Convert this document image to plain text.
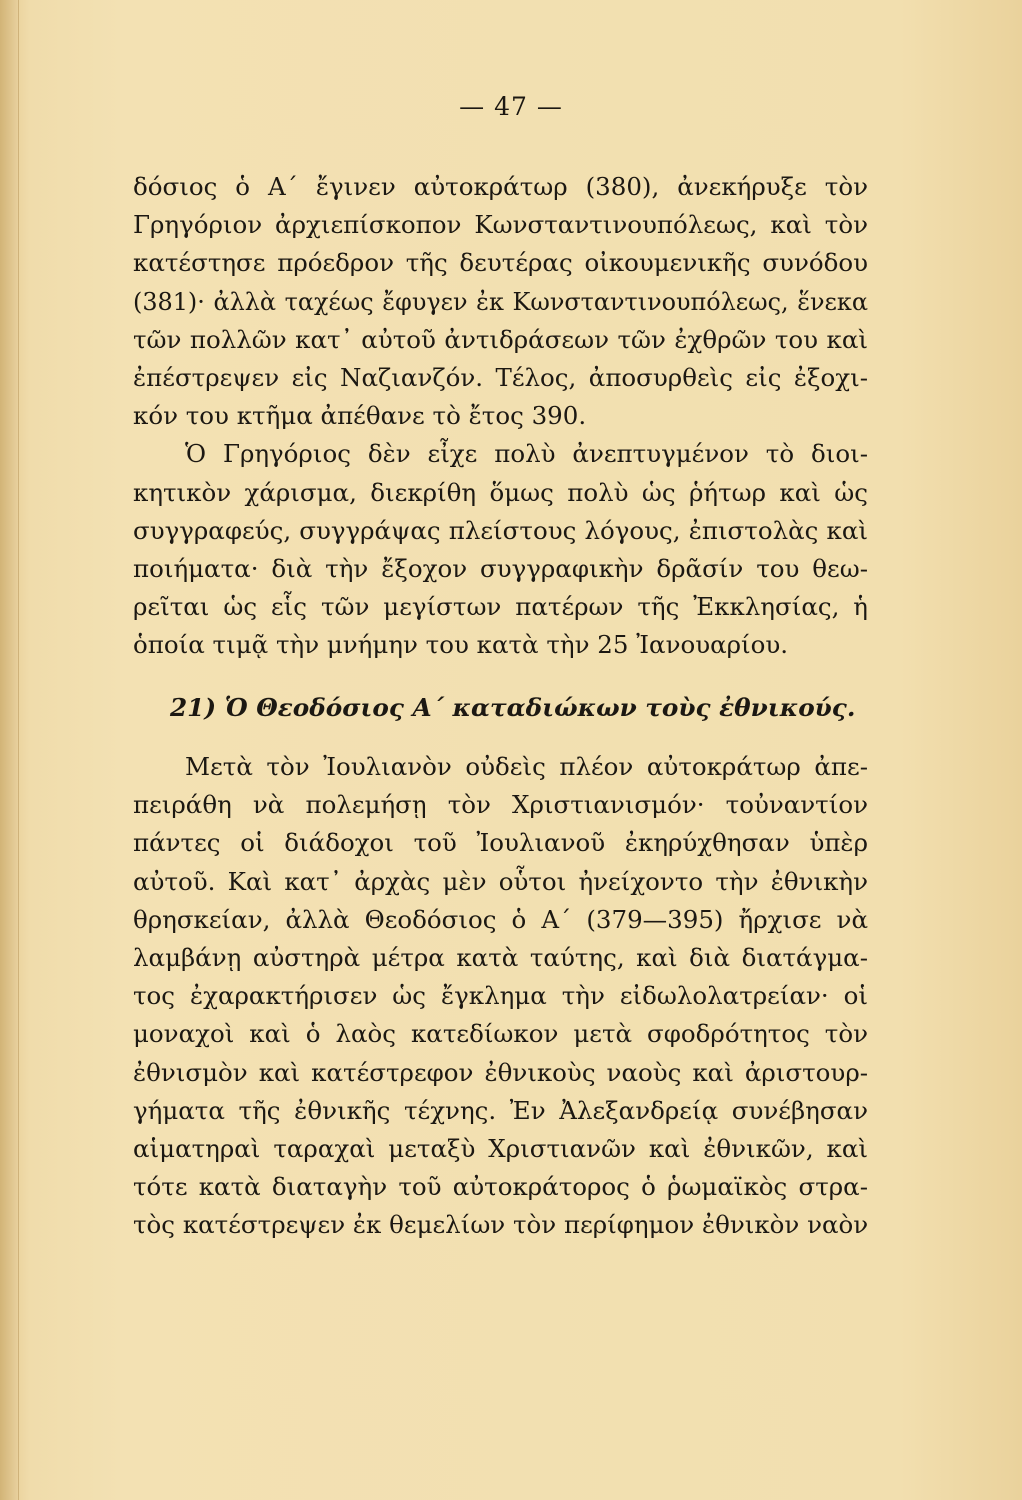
— 47 —
δόσιος ὁ Α΄ ἔγινεν αὐτοκράτωρ (380), ἀνεκήρυξε τὸν
Γρηγόριον ἀρχιεπίσκοπον Κωνσταντινουπόλεως, καὶ τὸν
κατέστησε πρόεδρον τῆς δευτέρας οἰκουμενικῆς συνόδου
(381)· ἀλλὰ ταχέως ἔφυγεν ἐκ Κωνσταντινουπόλεως, ἕνεκα
τῶν πολλῶν κατ᾽ αὐτοῦ ἀντιδράσεων τῶν ἐχθρῶν του καὶ
ἐπέστρεψεν εἰς Ναζιανζόν. Τέλος, ἀποσυρθεὶς εἰς ἐξοχι-
κόν του κτῆμα ἀπέθανε τὸ ἔτος 390.
Ὁ Γρηγόριος δὲν εἶχε πολὺ ἀνεπτυγμένον τὸ διοι-
κητικὸν χάρισμα, διεκρίθη ὅμως πολὺ ὡς ῥήτωρ καὶ ὡς
συγγραφεύς, συγγράψας πλείστους λόγους, ἐπιστολὰς καὶ
ποιήματα· διὰ τὴν ἔξοχον συγγραφικὴν δρᾶσίν του θεω-
ρεῖται ὡς εἷς τῶν μεγίστων πατέρων τῆς Ἐκκλησίας, ἡ
ὁποία τιμᾷ τὴν μνήμην του κατὰ τὴν 25 Ἰανουαρίου.
21) Ὁ Θεοδόσιος Α΄ καταδιώκων τοὺς ἐθνικούς.
Μετὰ τὸν Ἰουλιανὸν οὐδεὶς πλέον αὐτοκράτωρ ἀπε-
πειράθη νὰ πολεμήσῃ τὸν Χριστιανισμόν· τοὐναντίον
πάντες οἱ διάδοχοι τοῦ Ἰουλιανοῦ ἐκηρύχθησαν ὑπὲρ
αὐτοῦ. Καὶ κατ᾽ ἀρχὰς μὲν οὗτοι ἠνείχοντο τὴν ἐθνικὴν
θρησκείαν, ἀλλὰ Θεοδόσιος ὁ Α΄ (379—395) ἤρχισε νὰ
λαμβάνῃ αὐστηρὰ μέτρα κατὰ ταύτης, καὶ διὰ διατάγμα-
τος ἐχαρακτήρισεν ὡς ἔγκλημα τὴν εἰδωλολατρείαν· οἱ
μοναχοὶ καὶ ὁ λαὸς κατεδίωκον μετὰ σφοδρότητος τὸν
ἐθνισμὸν καὶ κατέστρεφον ἐθνικοὺς ναοὺς καὶ ἀριστουρ-
γήματα τῆς ἐθνικῆς τέχνης. Ἐν Ἀλεξανδρείᾳ συνέβησαν
αἱματηραὶ ταραχαὶ μεταξὺ Χριστιανῶν καὶ ἐθνικῶν, καὶ
τότε κατὰ διαταγὴν τοῦ αὐτοκράτορος ὁ ῥωμαϊκὸς στρα-
τὸς κατέστρεψεν ἐκ θεμελίων τὸν περίφημον ἐθνικὸν ναὸν
